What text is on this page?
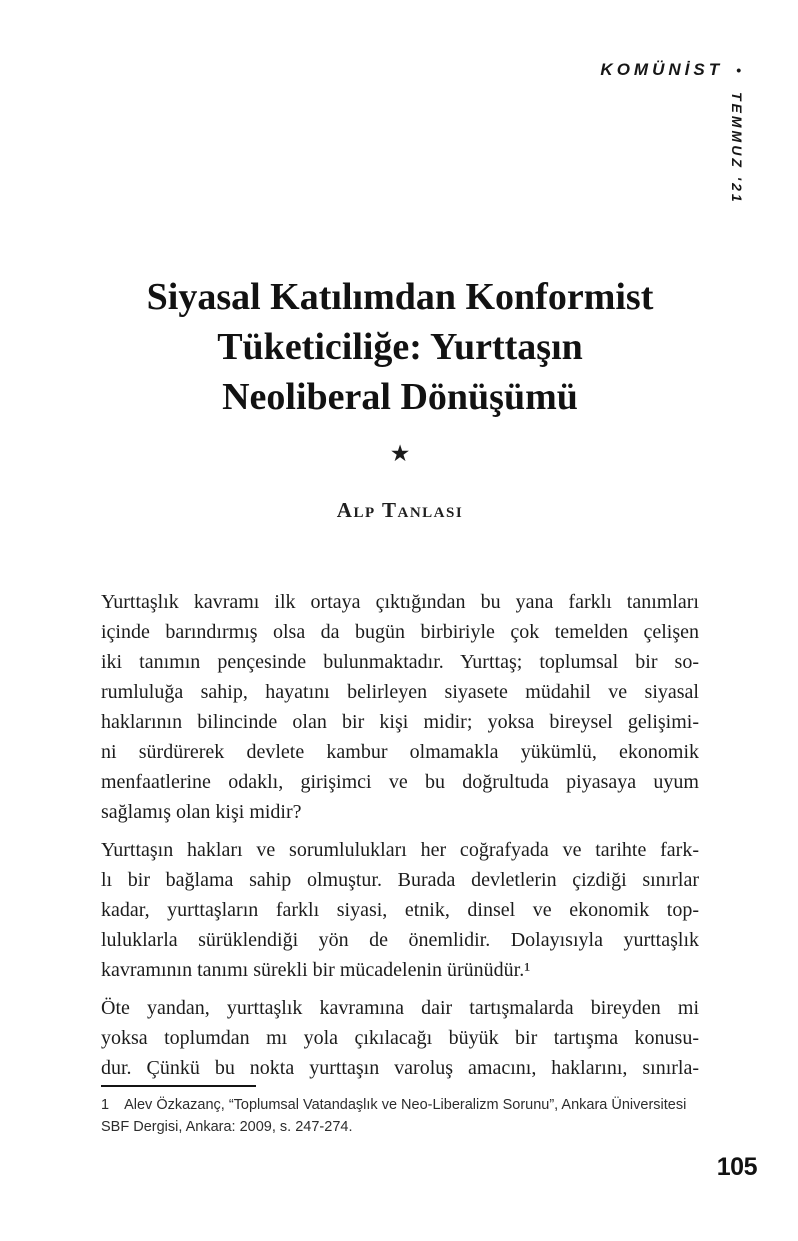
KOMÜNİST •
TEMMUZ '21
Siyasal Katılımdan Konformist
Tüketiciliğe: Yurttaşın
Neoliberal Dönüşümü
★
Alp Tanlası
Yurttaşlık kavramı ilk ortaya çıktığından bu yana farklı tanımları
içinde barındırmış olsa da bugün birbiriyle çok temelden çelişen
iki tanımın pençesinde bulunmaktadır. Yurttaş; toplumsal bir so-
rumluluğa sahip, hayatını belirleyen siyasete müdahil ve siyasal
haklarının bilincinde olan bir kişi midir; yoksa bireysel gelişimi-
ni sürdürerek devlete kambur olmamakla yükümlü, ekonomik
menfaatlerine odaklı, girişimci ve bu doğrultuda piyasaya uyum
sağlamış olan kişi midir?
Yurttaşın hakları ve sorumlulukları her coğrafyada ve tarihte fark-
lı bir bağlama sahip olmuştur. Burada devletlerin çizdiği sınırlar
kadar, yurttaşların farklı siyasi, etnik, dinsel ve ekonomik top-
luluklarla sürüklendiği yön de önemlidir. Dolayısıyla yurttaşlık
kavramının tanımı sürekli bir mücadelenin ürünüdür.¹
Öte yandan, yurttaşlık kavramına dair tartışmalarda bireyden mi
yoksa toplumdan mı yola çıkılacağı büyük bir tartışma konusu-
dur. Çünkü bu nokta yurttaşın varoluş amacını, haklarını, sınırla-
1 Alev Özkazanç, “Toplumsal Vatandaşlık ve Neo-Liberalizm Sorunu”, Ankara Üniversitesi
SBF Dergisi, Ankara: 2009, s. 247-274.
105
